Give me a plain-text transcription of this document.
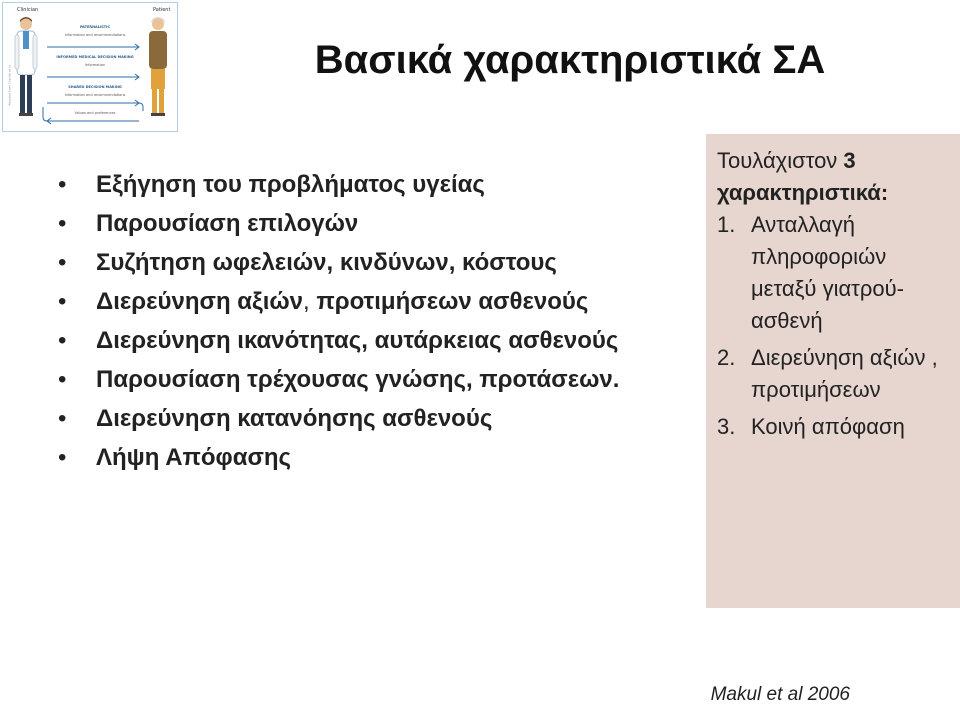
Clinician	Patient
Adapted from Charles et al.
PATERNALISTIC
Information and recommendations
INFORMED MEDICAL DECISION MAKING
Information
SHARED DECISION MAKING
Information and recommendations
Values and preferences
Βασικά χαρακτηριστικά ΣΑ
• Εξήγηση του προβλήματος υγείας
• Παρουσίαση επιλογών
• Συζήτηση ωφελειών, κινδύνων, κόστους
• Διερεύνηση αξιών, προτιμήσεων ασθενούς
• Διερεύνηση ικανότητας, αυτάρκειας ασθενούς
• Παρουσίαση τρέχουσας γνώσης, προτάσεων.
• Διερεύνηση κατανόησης ασθενούς
• Λήψη Απόφασης

Τουλάχιστον 3 χαρακτηριστικά:

1. Ανταλλαγή πληροφοριών μεταξύ γιατρού-ασθενή
2. Διερεύνηση αξιών , προτιμήσεων
3. Κοινή απόφαση
Makul et al 2006
